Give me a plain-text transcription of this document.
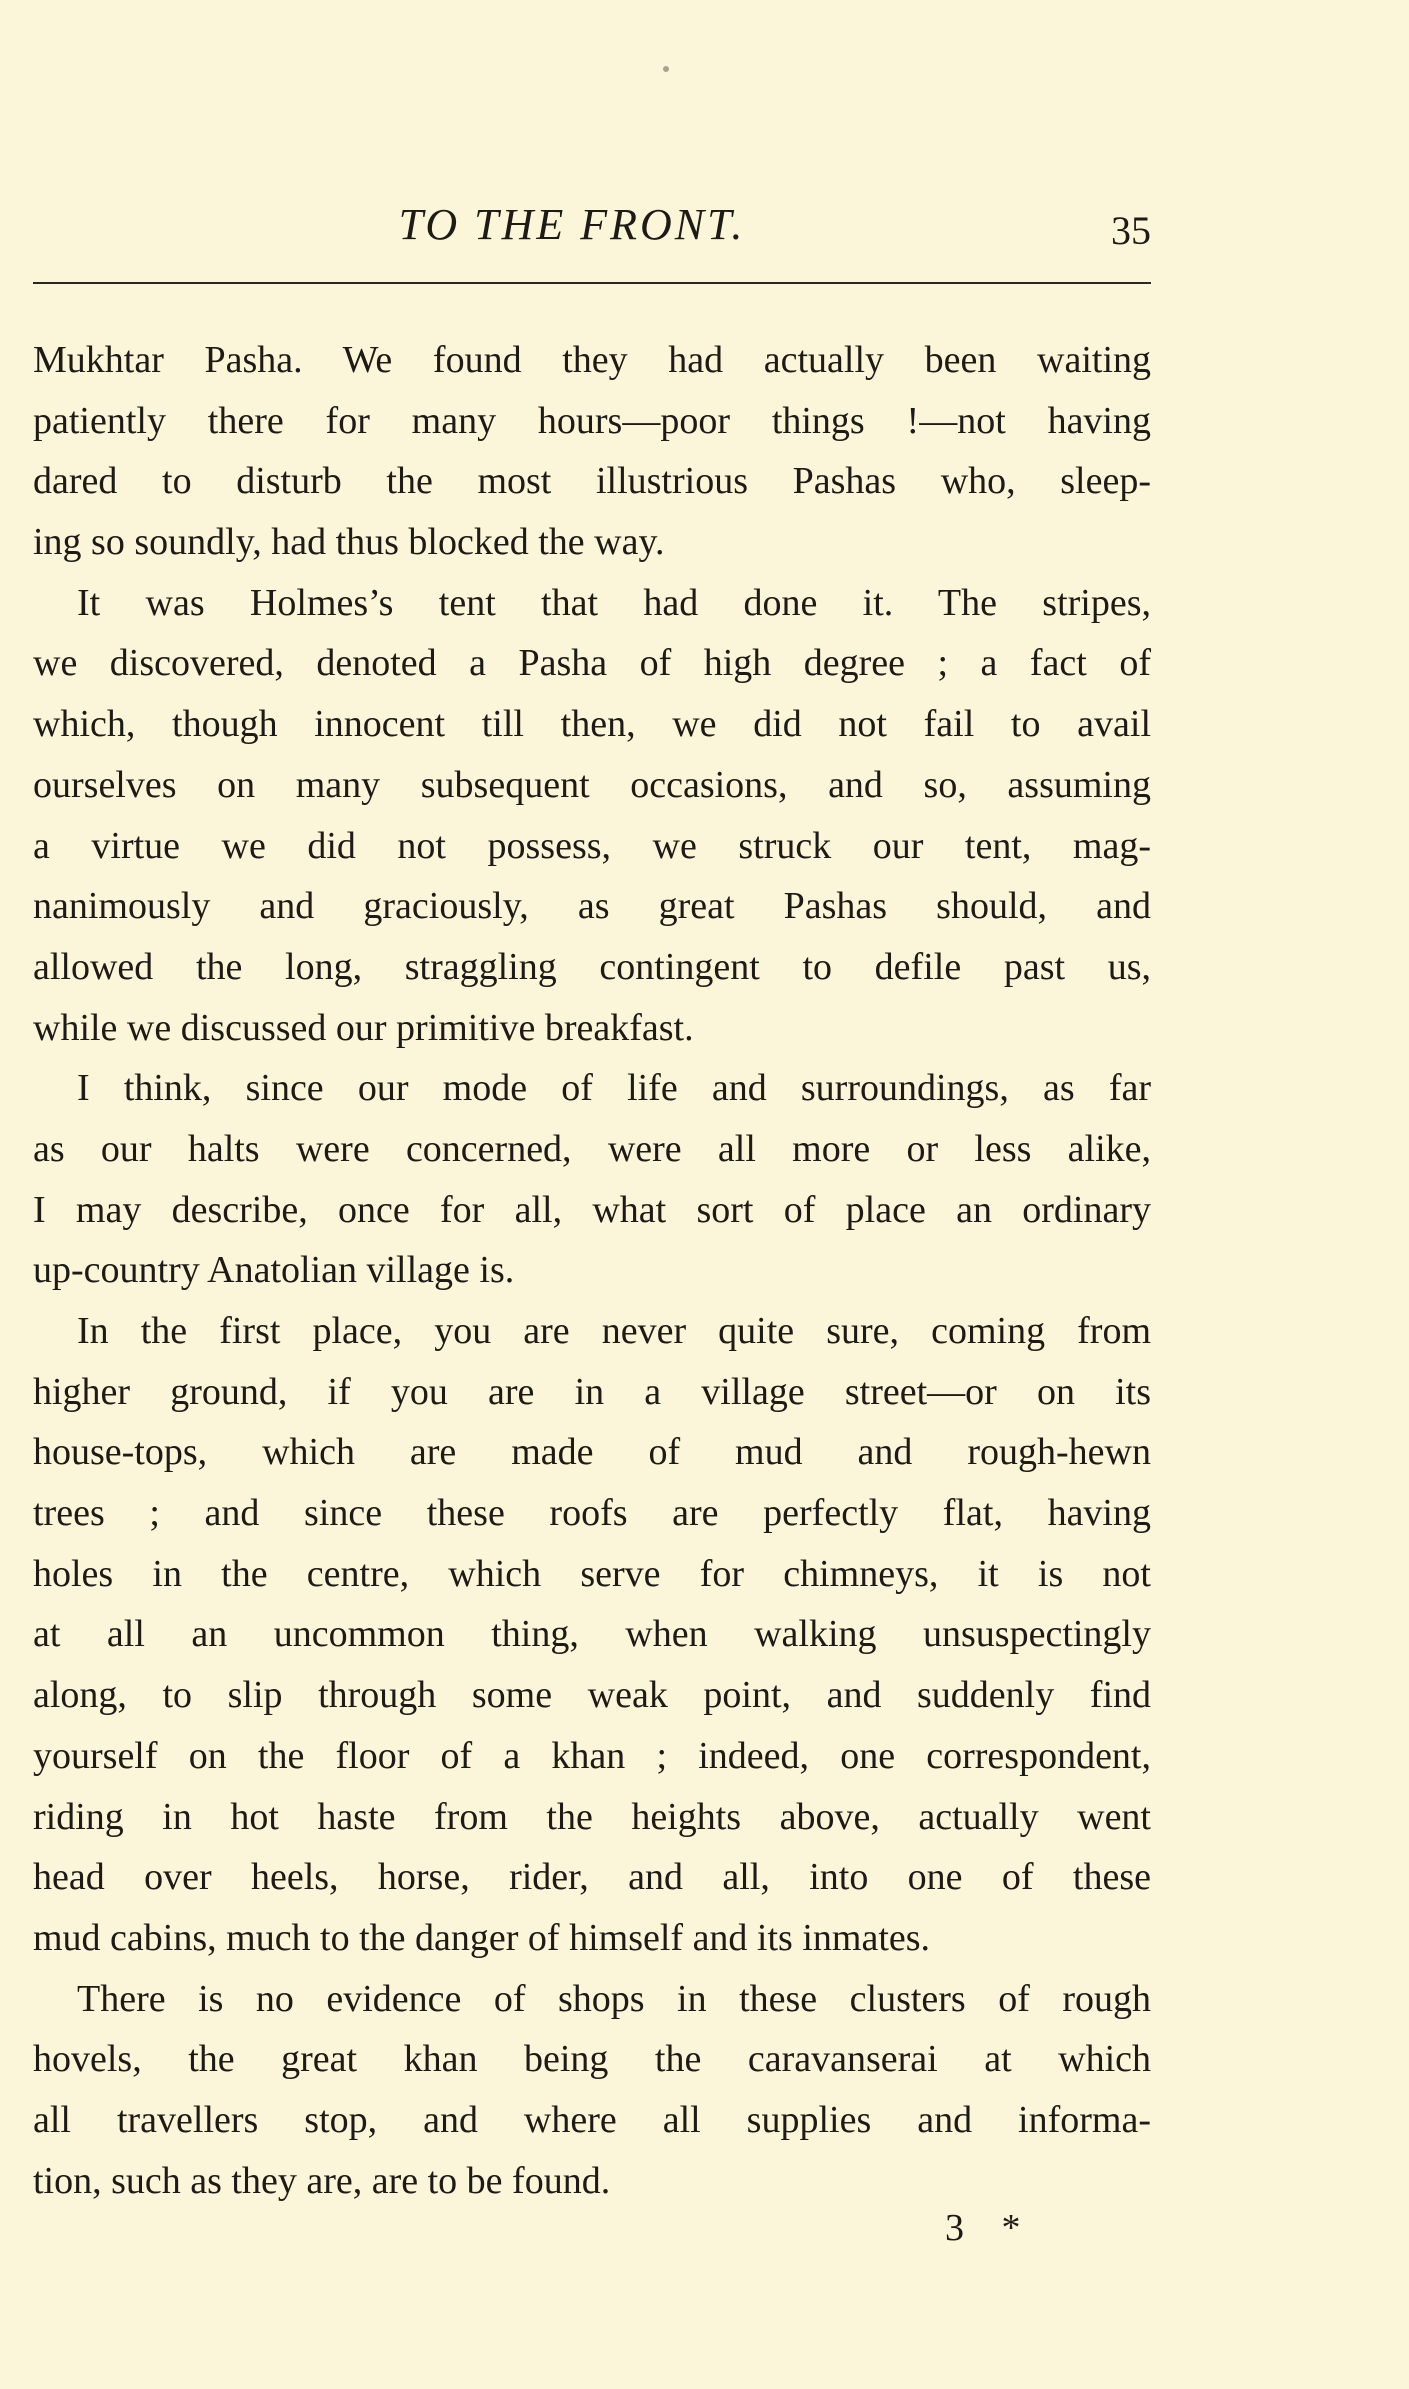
TO THE FRONT.	35
Mukhtar Pasha. We found they had actually been waiting
patiently there for many hours—poor things !—not having
dared to disturb the most illustrious Pashas who, sleep-
ing so soundly, had thus blocked the way.
It was Holmes’s tent that had done it. The stripes,
we discovered, denoted a Pasha of high degree ; a fact of
which, though innocent till then, we did not fail to avail
ourselves on many subsequent occasions, and so, assuming
a virtue we did not possess, we struck our tent, mag-
nanimously and graciously, as great Pashas should, and
allowed the long, straggling contingent to defile past us,
while we discussed our primitive breakfast.
I think, since our mode of life and surroundings, as far
as our halts were concerned, were all more or less alike,
I may describe, once for all, what sort of place an ordinary
up-country Anatolian village is.
In the first place, you are never quite sure, coming from
higher ground, if you are in a village street—or on its
house-tops, which are made of mud and rough-hewn
trees ; and since these roofs are perfectly flat, having
holes in the centre, which serve for chimneys, it is not
at all an uncommon thing, when walking unsuspectingly
along, to slip through some weak point, and suddenly find
yourself on the floor of a khan ; indeed, one correspondent,
riding in hot haste from the heights above, actually went
head over heels, horse, rider, and all, into one of these
mud cabins, much to the danger of himself and its inmates.
There is no evidence of shops in these clusters of rough
hovels, the great khan being the caravanserai at which
all travellers stop, and where all supplies and informa-
tion, such as they are, are to be found.
3 *
